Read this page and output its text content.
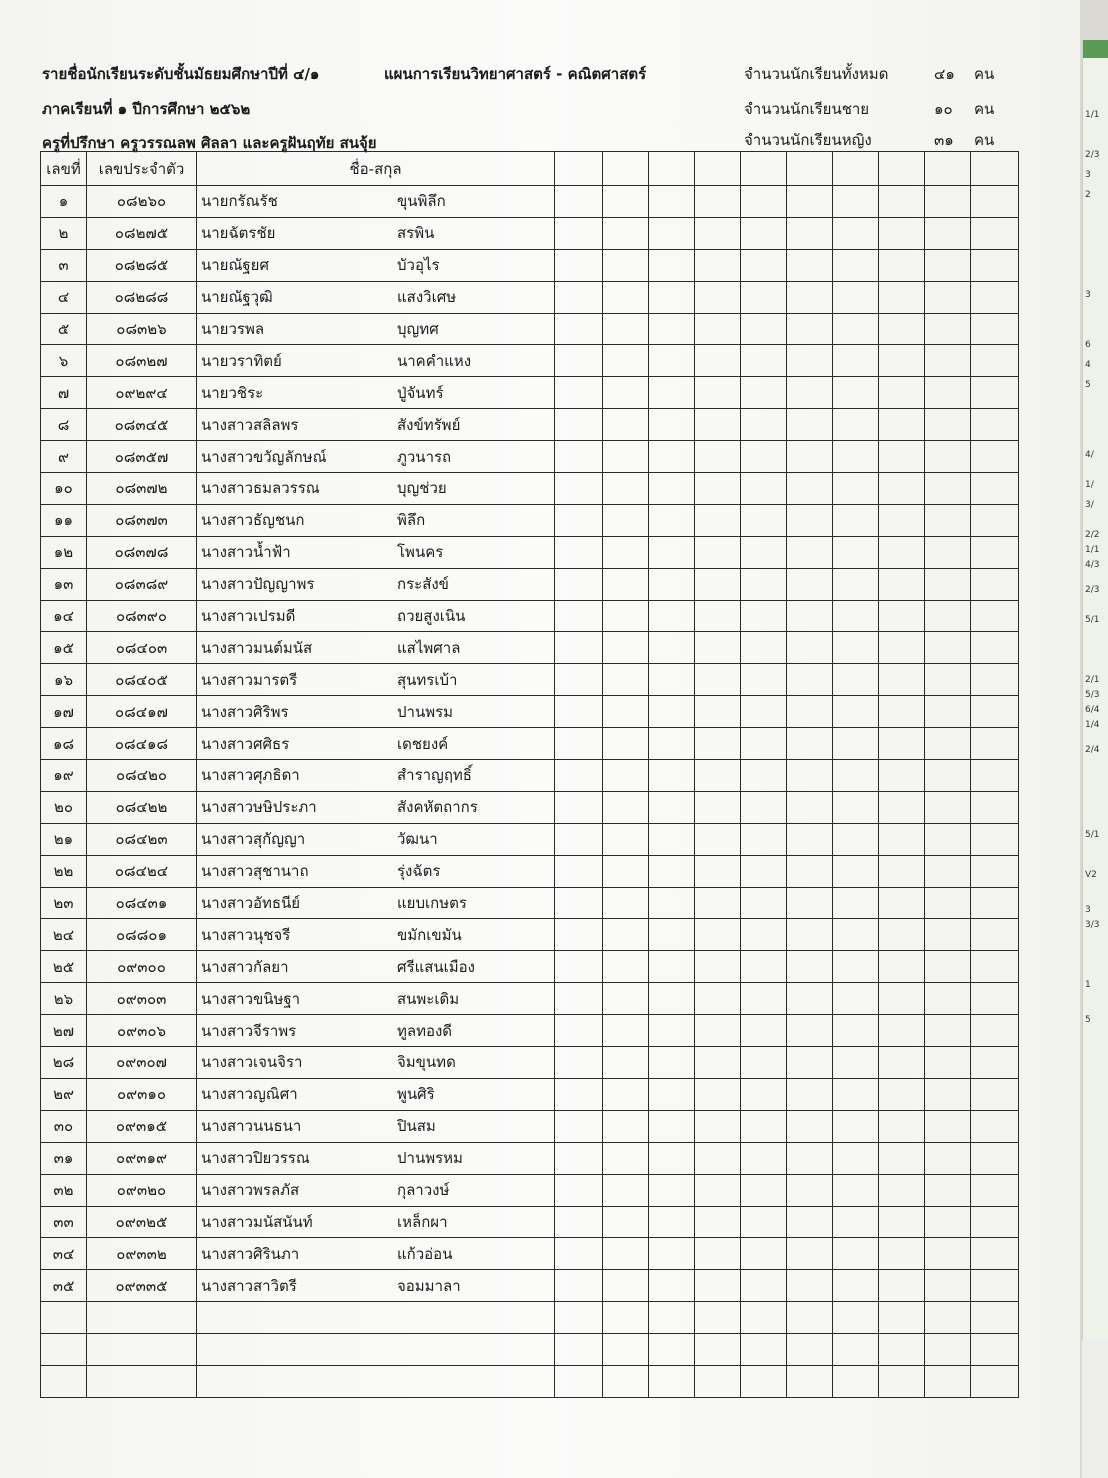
1/1
2/3
3
2
3
6
4
5
4/
1/
3/
2/2
1/1
4/3
2/3
5/1
2/1
5/3
6/4
1/4
2/4
5/1
V2
3
3/3
1
5
รายชื่อนักเรียนระดับชั้นมัธยมศึกษาปีที่ ๔/๑	แผนการเรียนวิทยาศาสตร์ - คณิตศาสตร์
ภาคเรียนที่ ๑ ปีการศึกษา ๒๕๖๒
ครูที่ปรึกษา ครูวรรณลพ ศิลลา และครูฝันฤทัย สนจุ้ย
จำนวนนักเรียนทั้งหมด	๔๑ คน
จำนวนนักเรียนชาย	๑๐ คน
จำนวนนักเรียนหญิง	๓๑ คน
เลขที่	เลขประจำตัว	ชื่อ-สกุล										
๑	๐๘๒๖๐	นายกรัณรัช ขุนพิลึก										
๒	๐๘๒๗๕	นายฉัตรชัย สรพิน										
๓	๐๘๒๘๕	นายณัฐยศ บัวอุไร										
๔	๐๘๒๘๘	นายณัฐวุฒิ แสงวิเศษ										
๕	๐๘๓๒๖	นายวรพล บุญทศ										
๖	๐๘๓๒๗	นายวราทิตย์ นาคคำแหง										
๗	๐๙๒๙๔	นายวชิระ ปู่จันทร์										
๘	๐๘๓๔๕	นางสาวสลิลพร สังข์ทรัพย์										
๙	๐๘๓๕๗	นางสาวขวัญลักษณ์ ภูวนารถ										
๑๐	๐๘๓๗๒	นางสาวธมลวรรณ บุญช่วย										
๑๑	๐๘๓๗๓	นางสาวธัญชนก พิลึก										
๑๒	๐๘๓๗๘	นางสาวน้ำฟ้า โพนคร										
๑๓	๐๘๓๘๙	นางสาวปัญญาพร กระสังข์										
๑๔	๐๘๓๙๐	นางสาวเปรมดี ถวยสูงเนิน										
๑๕	๐๘๔๐๓	นางสาวมนต์มนัส แสไพศาล										
๑๖	๐๘๔๐๕	นางสาวมารตรี สุนทรเบ้า										
๑๗	๐๘๔๑๗	นางสาวศิริพร ปานพรม										
๑๘	๐๘๔๑๘	นางสาวศศิธร เดชยงค์										
๑๙	๐๘๔๒๐	นางสาวศุภธิดา สำราญฤทธิ์										
๒๐	๐๘๔๒๒	นางสาวษษิประภา สังคหัตถากร										
๒๑	๐๘๔๒๓	นางสาวสุกัญญา วัฒนา										
๒๒	๐๘๔๒๔	นางสาวสุชานาถ รุ่งฉัตร										
๒๓	๐๘๔๓๑	นางสาวอัทธนีย์ แยบเกษตร										
๒๔	๐๘๘๐๑	นางสาวนุชจรี ขมักเขมัน										
๒๕	๐๙๓๐๐	นางสาวกัลยา ศรีแสนเมือง										
๒๖	๐๙๓๐๓	นางสาวขนิษฐา สนพะเดิม										
๒๗	๐๙๓๐๖	นางสาวจีราพร ทูลทองดี										
๒๘	๐๙๓๐๗	นางสาวเจนจิรา จิมขุนทด										
๒๙	๐๙๓๑๐	นางสาวญณิศา พูนศิริ										
๓๐	๐๙๓๑๕	นางสาวนนธนา ปินสม										
๓๑	๐๙๓๑๙	นางสาวปิยวรรณ ปานพรหม										
๓๒	๐๙๓๒๐	นางสาวพรลภัส กุลาวงษ์										
๓๓	๐๙๓๒๕	นางสาวมนัสนันท์ เหล็กผา										
๓๔	๐๙๓๓๒	นางสาวศิรินภา แก้วอ่อน										
๓๕	๐๙๓๓๕	นางสาวสาวิตรี จอมมาลา										
